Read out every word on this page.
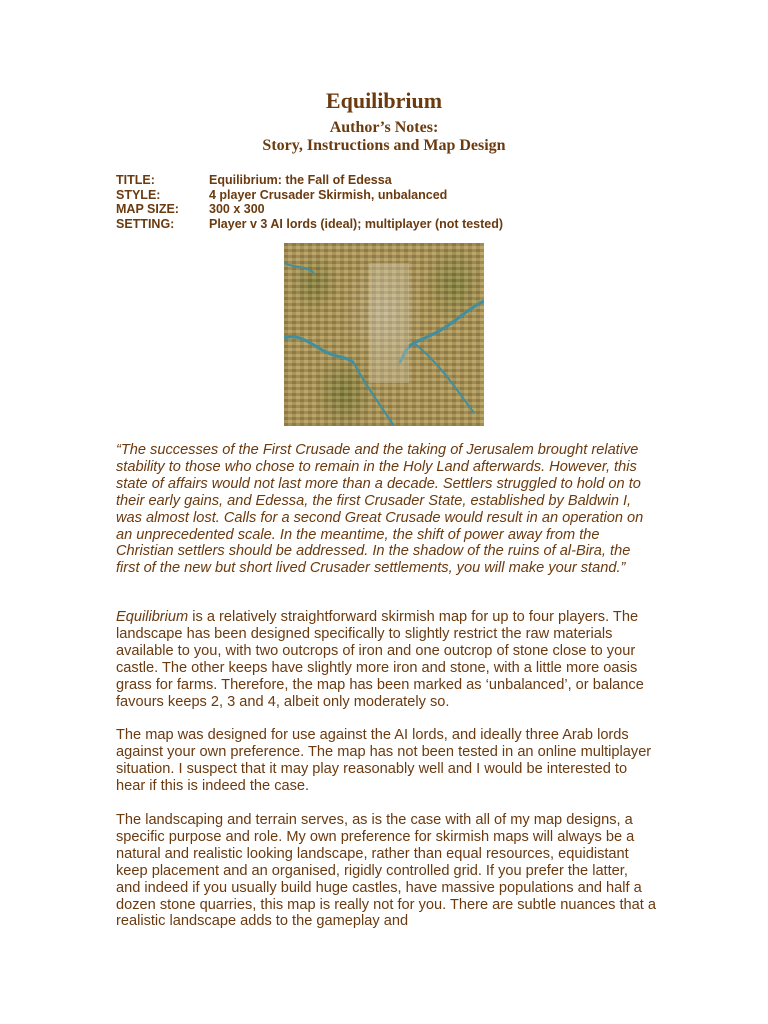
Equilibrium
Author’s Notes:
Story, Instructions and Map Design
TITLE:	Equilibrium: the Fall of Edessa
STYLE:	4 player Crusader Skirmish, unbalanced
MAP SIZE:	300 x 300
SETTING:	Player v 3 AI lords (ideal); multiplayer (not tested)

“The successes of the First Crusade and the taking of Jerusalem brought relative stability to those who chose to remain in the Holy Land afterwards. However, this state of affairs would not last more than a decade. Settlers struggled to hold on to their early gains, and Edessa, the first Crusader State, established by Baldwin I, was almost lost. Calls for a second Great Crusade would result in an operation on an unprecedented scale. In the meantime, the shift of power away from the Christian settlers should be addressed. In the shadow of the ruins of al-Bira, the first of the new but short lived Crusader settlements, you will make your stand.”

Equilibrium is a relatively straightforward skirmish map for up to four players. The landscape has been designed specifically to slightly restrict the raw materials available to you, with two outcrops of iron and one outcrop of stone close to your castle. The other keeps have slightly more iron and stone, with a little more oasis grass for farms. Therefore, the map has been marked as ‘unbalanced’, or balance favours keeps 2, 3 and 4, albeit only moderately so.

The map was designed for use against the AI lords, and ideally three Arab lords against your own preference. The map has not been tested in an online multiplayer situation. I suspect that it may play reasonably well and I would be interested to hear if this is indeed the case.

The landscaping and terrain serves, as is the case with all of my map designs, a specific purpose and role. My own preference for skirmish maps will always be a natural and realistic looking landscape, rather than equal resources, equidistant keep placement and an organised, rigidly controlled grid. If you prefer the latter, and indeed if you usually build huge castles, have massive populations and half a dozen stone quarries, this map is really not for you. There are subtle nuances that a realistic landscape adds to the gameplay and
